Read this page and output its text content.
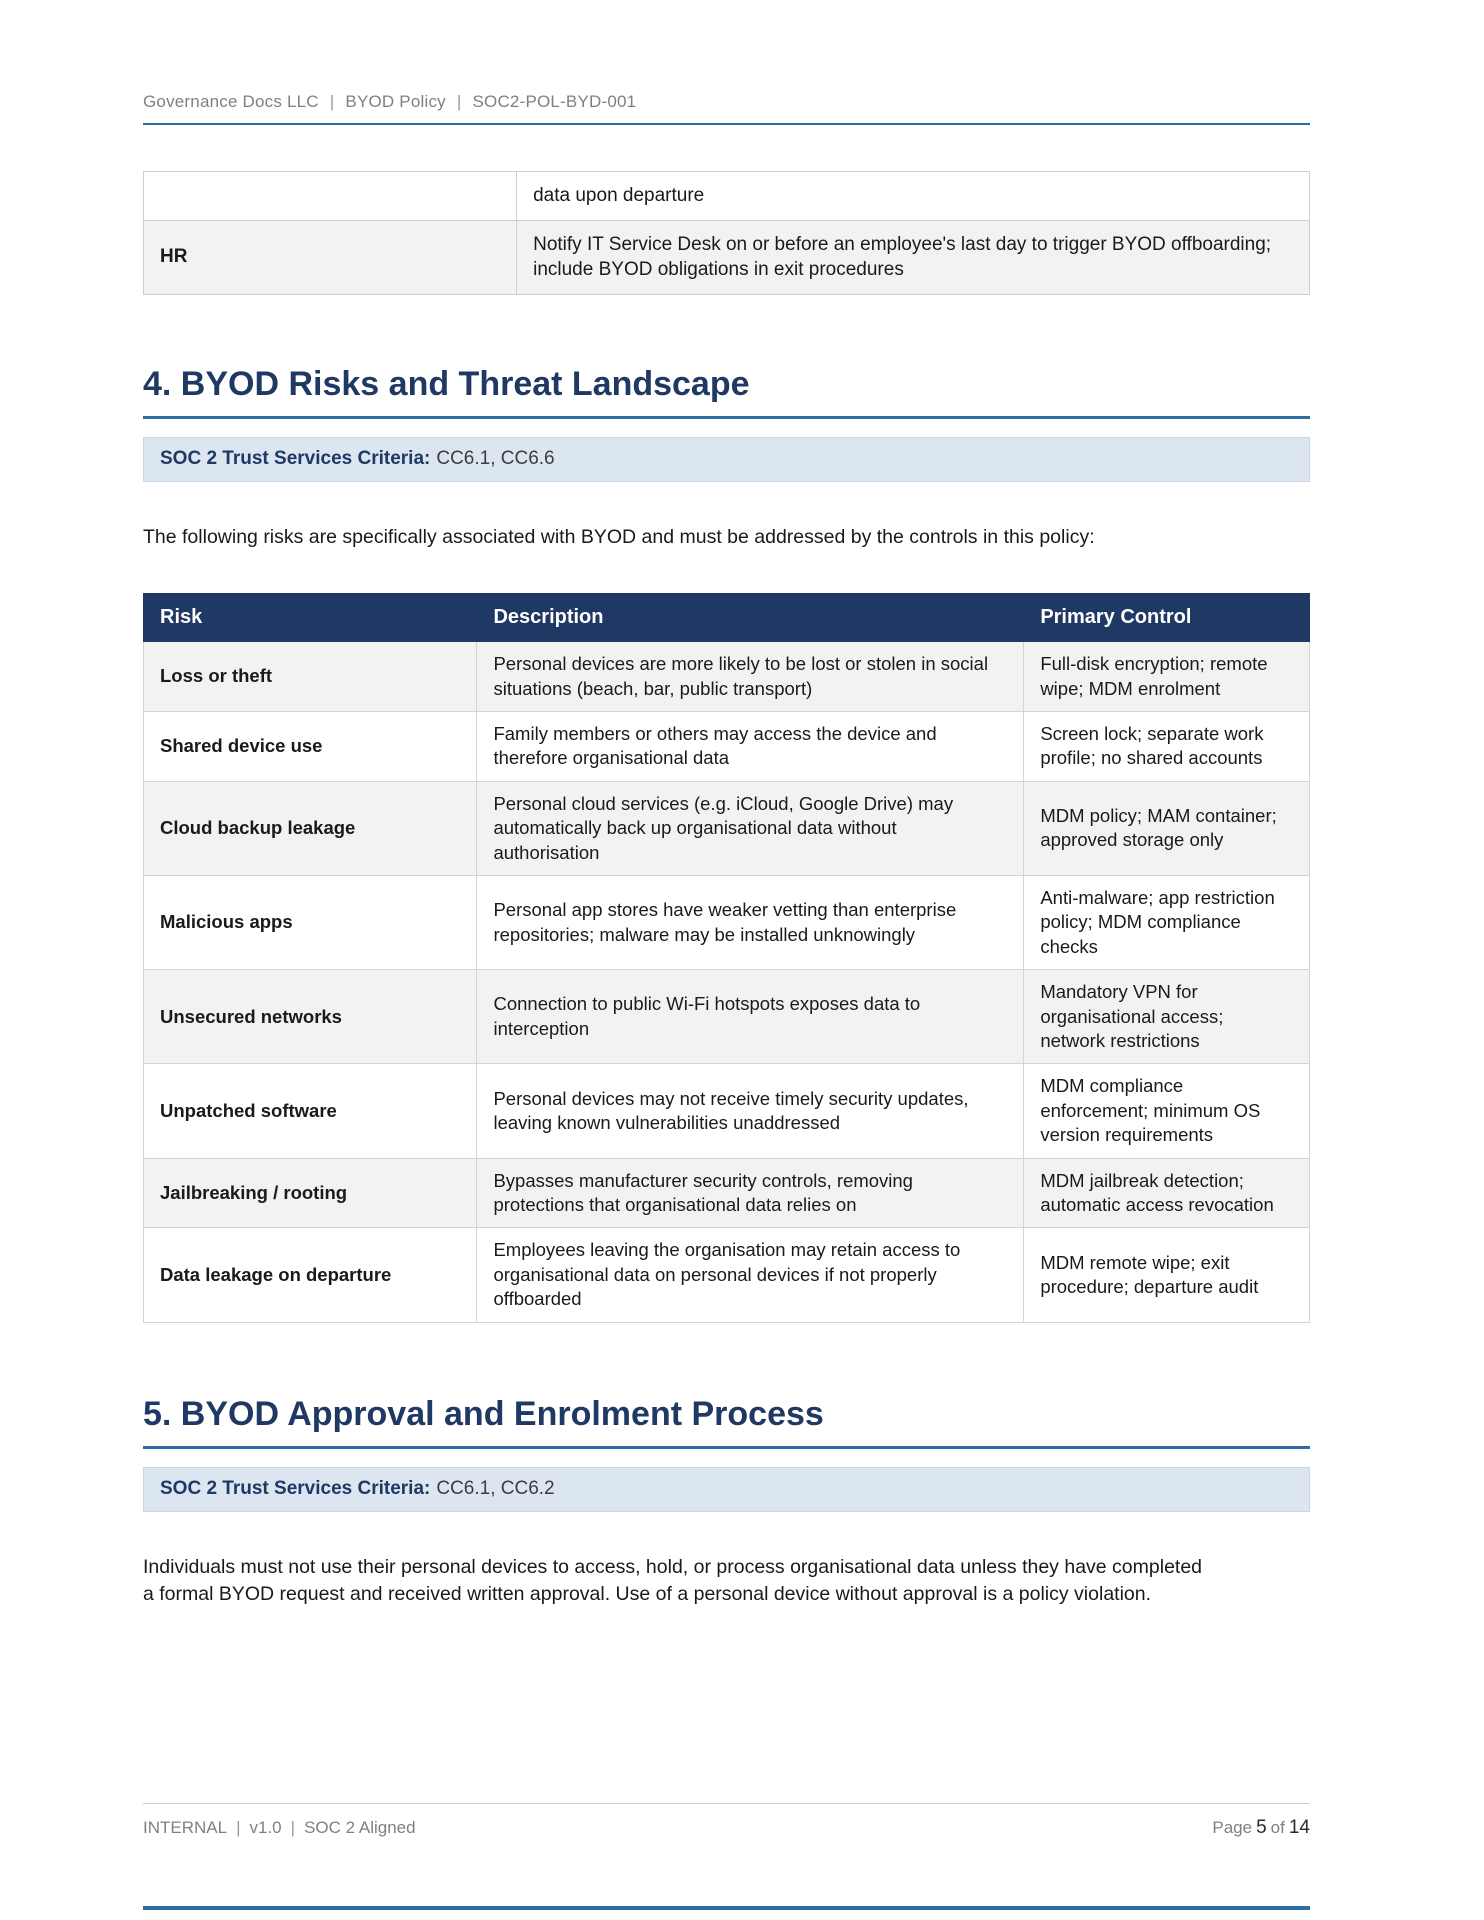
Governance Docs LLC | BYOD Policy | SOC2-POL-BYD-001
	data upon departure
HR	Notify IT Service Desk on or before an employee's last day to trigger BYOD offboarding; include BYOD obligations in exit procedures
4. BYOD Risks and Threat Landscape
SOC 2 Trust Services Criteria: CC6.1, CC6.6

The following risks are specifically associated with BYOD and must be addressed by the controls in this policy:

Risk	Description	Primary Control
Loss or theft	Personal devices are more likely to be lost or stolen in social situations (beach, bar, public transport)	Full-disk encryption; remote wipe; MDM enrolment
Shared device use	Family members or others may access the device and therefore organisational data	Screen lock; separate work profile; no shared accounts
Cloud backup leakage	Personal cloud services (e.g. iCloud, Google Drive) may automatically back up organisational data without authorisation	MDM policy; MAM container; approved storage only
Malicious apps	Personal app stores have weaker vetting than enterprise repositories; malware may be installed unknowingly	Anti-malware; app restriction policy; MDM compliance checks
Unsecured networks	Connection to public Wi-Fi hotspots exposes data to interception	Mandatory VPN for organisational access; network restrictions
Unpatched software	Personal devices may not receive timely security updates, leaving known vulnerabilities unaddressed	MDM compliance enforcement; minimum OS version requirements
Jailbreaking / rooting	Bypasses manufacturer security controls, removing protections that organisational data relies on	MDM jailbreak detection; automatic access revocation
Data leakage on departure	Employees leaving the organisation may retain access to organisational data on personal devices if not properly offboarded	MDM remote wipe; exit procedure; departure audit
5. BYOD Approval and Enrolment Process
SOC 2 Trust Services Criteria: CC6.1, CC6.2

Individuals must not use their personal devices to access, hold, or process organisational data unless they have completed a formal BYOD request and received written approval. Use of a personal device without approval is a policy violation.

INTERNAL | v1.0 | SOC 2 Aligned	Page 5 of 14
